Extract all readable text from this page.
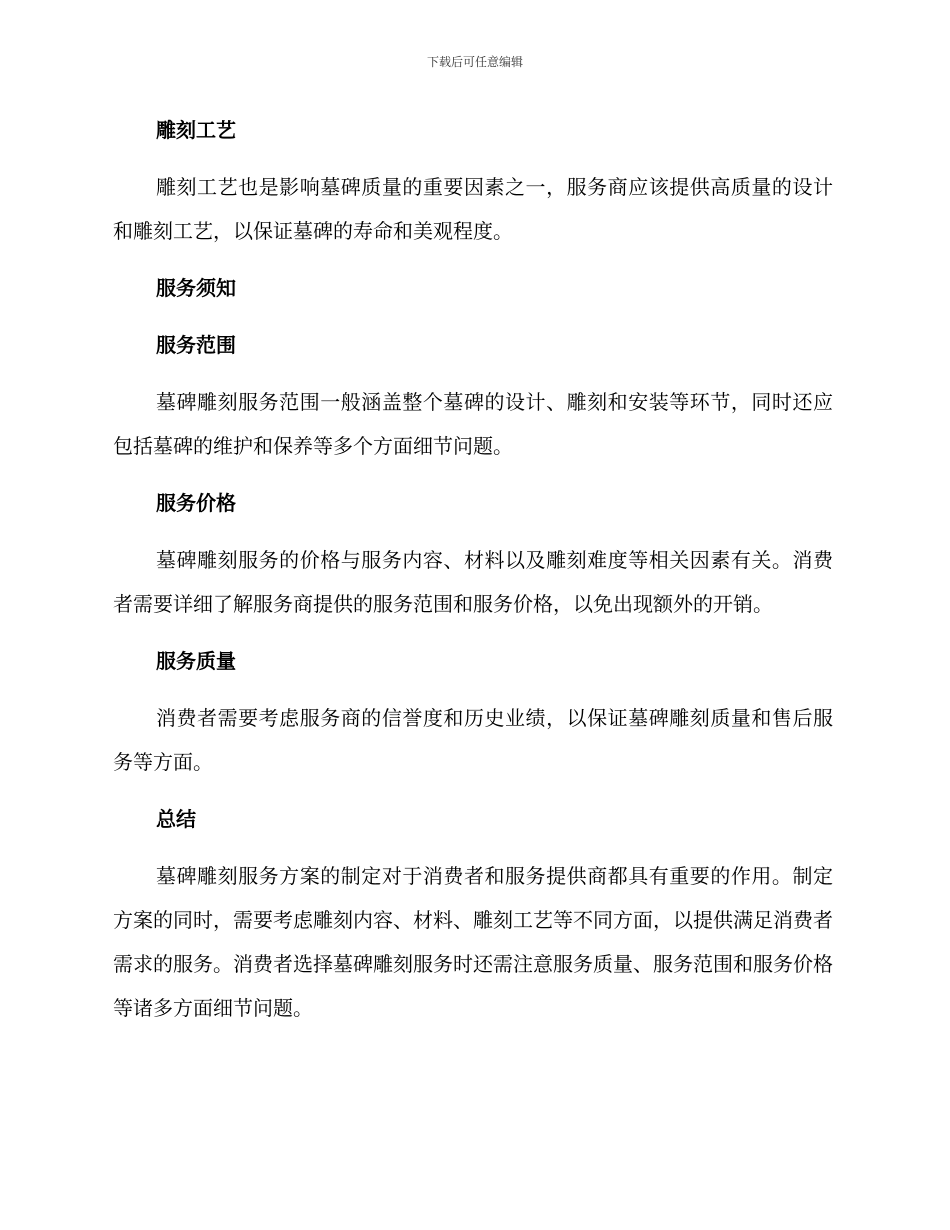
下载后可任意编辑
雕刻工艺

雕刻工艺也是影响墓碑质量的重要因素之一，服务商应该提供高质量的设计和雕刻工艺，以保证墓碑的寿命和美观程度。

服务须知
服务范围

墓碑雕刻服务范围一般涵盖整个墓碑的设计、雕刻和安装等环节，同时还应包括墓碑的维护和保养等多个方面细节问题。

服务价格

墓碑雕刻服务的价格与服务内容、材料以及雕刻难度等相关因素有关。消费者需要详细了解服务商提供的服务范围和服务价格，以免出现额外的开销。

服务质量

消费者需要考虑服务商的信誉度和历史业绩，以保证墓碑雕刻质量和售后服务等方面。

总结

墓碑雕刻服务方案的制定对于消费者和服务提供商都具有重要的作用。制定方案的同时，需要考虑雕刻内容、材料、雕刻工艺等不同方面，以提供满足消费者需求的服务。消费者选择墓碑雕刻服务时还需注意服务质量、服务范围和服务价格等诸多方面细节问题。
